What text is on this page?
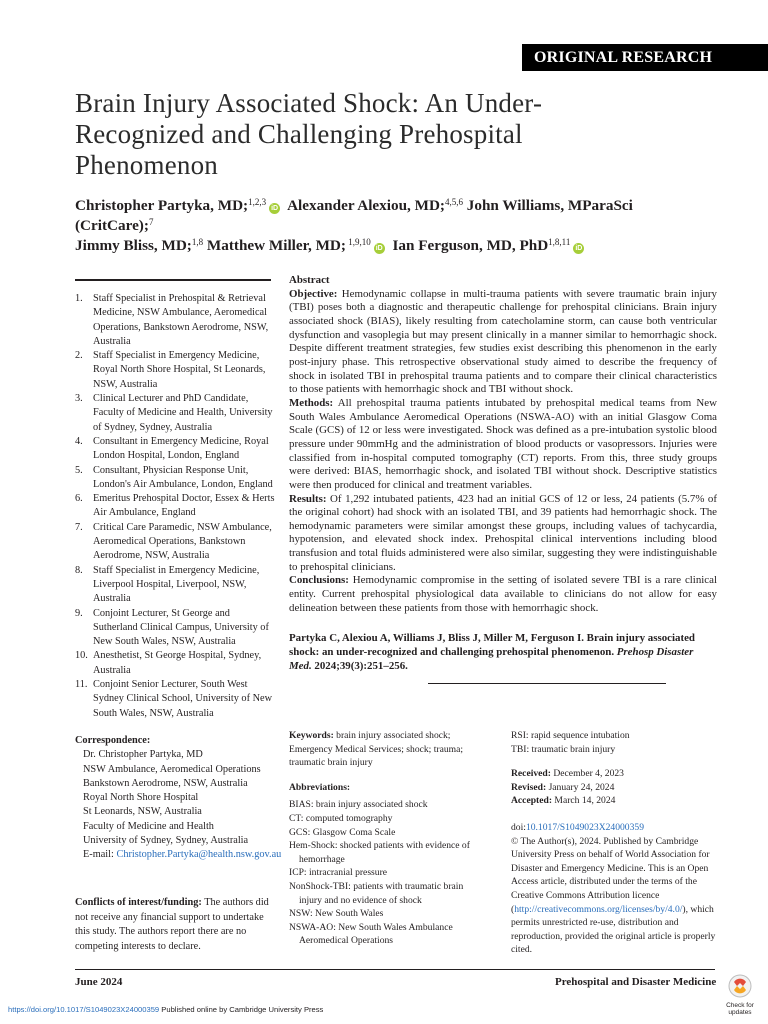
ORIGINAL RESEARCH
Brain Injury Associated Shock: An Under-Recognized and Challenging Prehospital Phenomenon
Christopher Partyka, MD;$^{1,2,3}$iD Alexander Alexiou, MD;$^{4,5,6}$ John Williams, MParaSci (CritCare);$^7$
Jimmy Bliss, MD;$^{1,8}$ Matthew Miller, MD; $^{1,9,10}$iD Ian Ferguson, MD, PhD$^{1,8,11}$iD
1. Staff Specialist in Prehospital & Retrieval Medicine, NSW Ambulance, Aeromedical Operations, Bankstown Aerodrome, NSW, Australia
2. Staff Specialist in Emergency Medicine, Royal North Shore Hospital, St Leonards, NSW, Australia
3. Clinical Lecturer and PhD Candidate, Faculty of Medicine and Health, University of Sydney, Sydney, Australia
4. Consultant in Emergency Medicine, Royal London Hospital, London, England
5. Consultant, Physician Response Unit, London's Air Ambulance, London, England
6. Emeritus Prehospital Doctor, Essex & Herts Air Ambulance, England
7. Critical Care Paramedic, NSW Ambulance, Aeromedical Operations, Bankstown Aerodrome, NSW, Australia
8. Staff Specialist in Emergency Medicine, Liverpool Hospital, Liverpool, NSW, Australia
9. Conjoint Lecturer, St George and Sutherland Clinical Campus, University of New South Wales, NSW, Australia
10. Anesthetist, St George Hospital, Sydney, Australia
11. Conjoint Senior Lecturer, South West Sydney Clinical School, University of New South Wales, NSW, Australia
Correspondence:
Dr. Christopher Partyka, MD
NSW Ambulance, Aeromedical Operations
Bankstown Aerodrome, NSW, Australia
Royal North Shore Hospital
St Leonards, NSW, Australia
Faculty of Medicine and Health
University of Sydney, Sydney, Australia
E-mail: Christopher.Partyka@health.nsw.gov.au
Conflicts of interest/funding: The authors did not receive any financial support to undertake this study. The authors report there are no competing interests to declare.

Abstract

Objective: Hemodynamic collapse in multi-trauma patients with severe traumatic brain injury (TBI) poses both a diagnostic and therapeutic challenge for prehospital clinicians. Brain injury associated shock (BIAS), likely resulting from catecholamine storm, can cause both ventricular dysfunction and vasoplegia but may present clinically in a manner similar to hemorrhagic shock. Despite different treatment strategies, few studies exist describing this phenomenon in the early post-injury phase. This retrospective observational study aimed to describe the frequency of shock in isolated TBI in prehospital trauma patients and to compare their clinical characteristics to those patients with hemorrhagic shock and TBI without shock.

Methods: All prehospital trauma patients intubated by prehospital medical teams from New South Wales Ambulance Aeromedical Operations (NSWA-AO) with an initial Glasgow Coma Scale (GCS) of 12 or less were investigated. Shock was defined as a pre-intubation systolic blood pressure under 90mmHg and the administration of blood products or vasopressors. Injuries were classified from in-hospital computed tomography (CT) reports. From this, three study groups were derived: BIAS, hemorrhagic shock, and isolated TBI without shock. Descriptive statistics were then produced for clinical and treatment variables.

Results: Of 1,292 intubated patients, 423 had an initial GCS of 12 or less, 24 patients (5.7% of the original cohort) had shock with an isolated TBI, and 39 patients had hemorrhagic shock. The hemodynamic parameters were similar amongst these groups, including values of tachycardia, hypotension, and elevated shock index. Prehospital clinical interventions including blood transfusion and total fluids administered were also similar, suggesting they were indistinguishable to prehospital clinicians.

Conclusions: Hemodynamic compromise in the setting of isolated severe TBI is a rare clinical entity. Current prehospital physiological data available to clinicians do not allow for easy delineation between these patients from those with hemorrhagic shock.

Partyka C, Alexiou A, Williams J, Bliss J, Miller M, Ferguson I. Brain injury associated shock: an under-recognized and challenging prehospital phenomenon. Prehosp Disaster Med. 2024;39(3):251–256.
Keywords: brain injury associated shock; Emergency Medical Services; shock; trauma; traumatic brain injury
Abbreviations:
BIAS: brain injury associated shock
CT: computed tomography
GCS: Glasgow Coma Scale
Hem-Shock: shocked patients with evidence of
hemorrhage
ICP: intracranial pressure
NonShock-TBI: patients with traumatic brain
injury and no evidence of shock
NSW: New South Wales
NSWA-AO: New South Wales Ambulance
Aeromedical Operations
RSI: rapid sequence intubation
TBI: traumatic brain injury
Received: December 4, 2023
Revised: January 24, 2024
Accepted: March 14, 2024
doi:10.1017/S1049023X24000359
© The Author(s), 2024. Published by Cambridge University Press on behalf of World Association for Disaster and Emergency Medicine. This is an Open Access article, distributed under the terms of the Creative Commons Attribution licence (http://creativecommons.org/licenses/by/4.0/), which permits unrestricted re-use, distribution and reproduction, provided the original article is properly cited.
June 2024	Prehospital and Disaster Medicine
https://doi.org/10.1017/S1049023X24000359 Published online by Cambridge University Press	Check for
updates
